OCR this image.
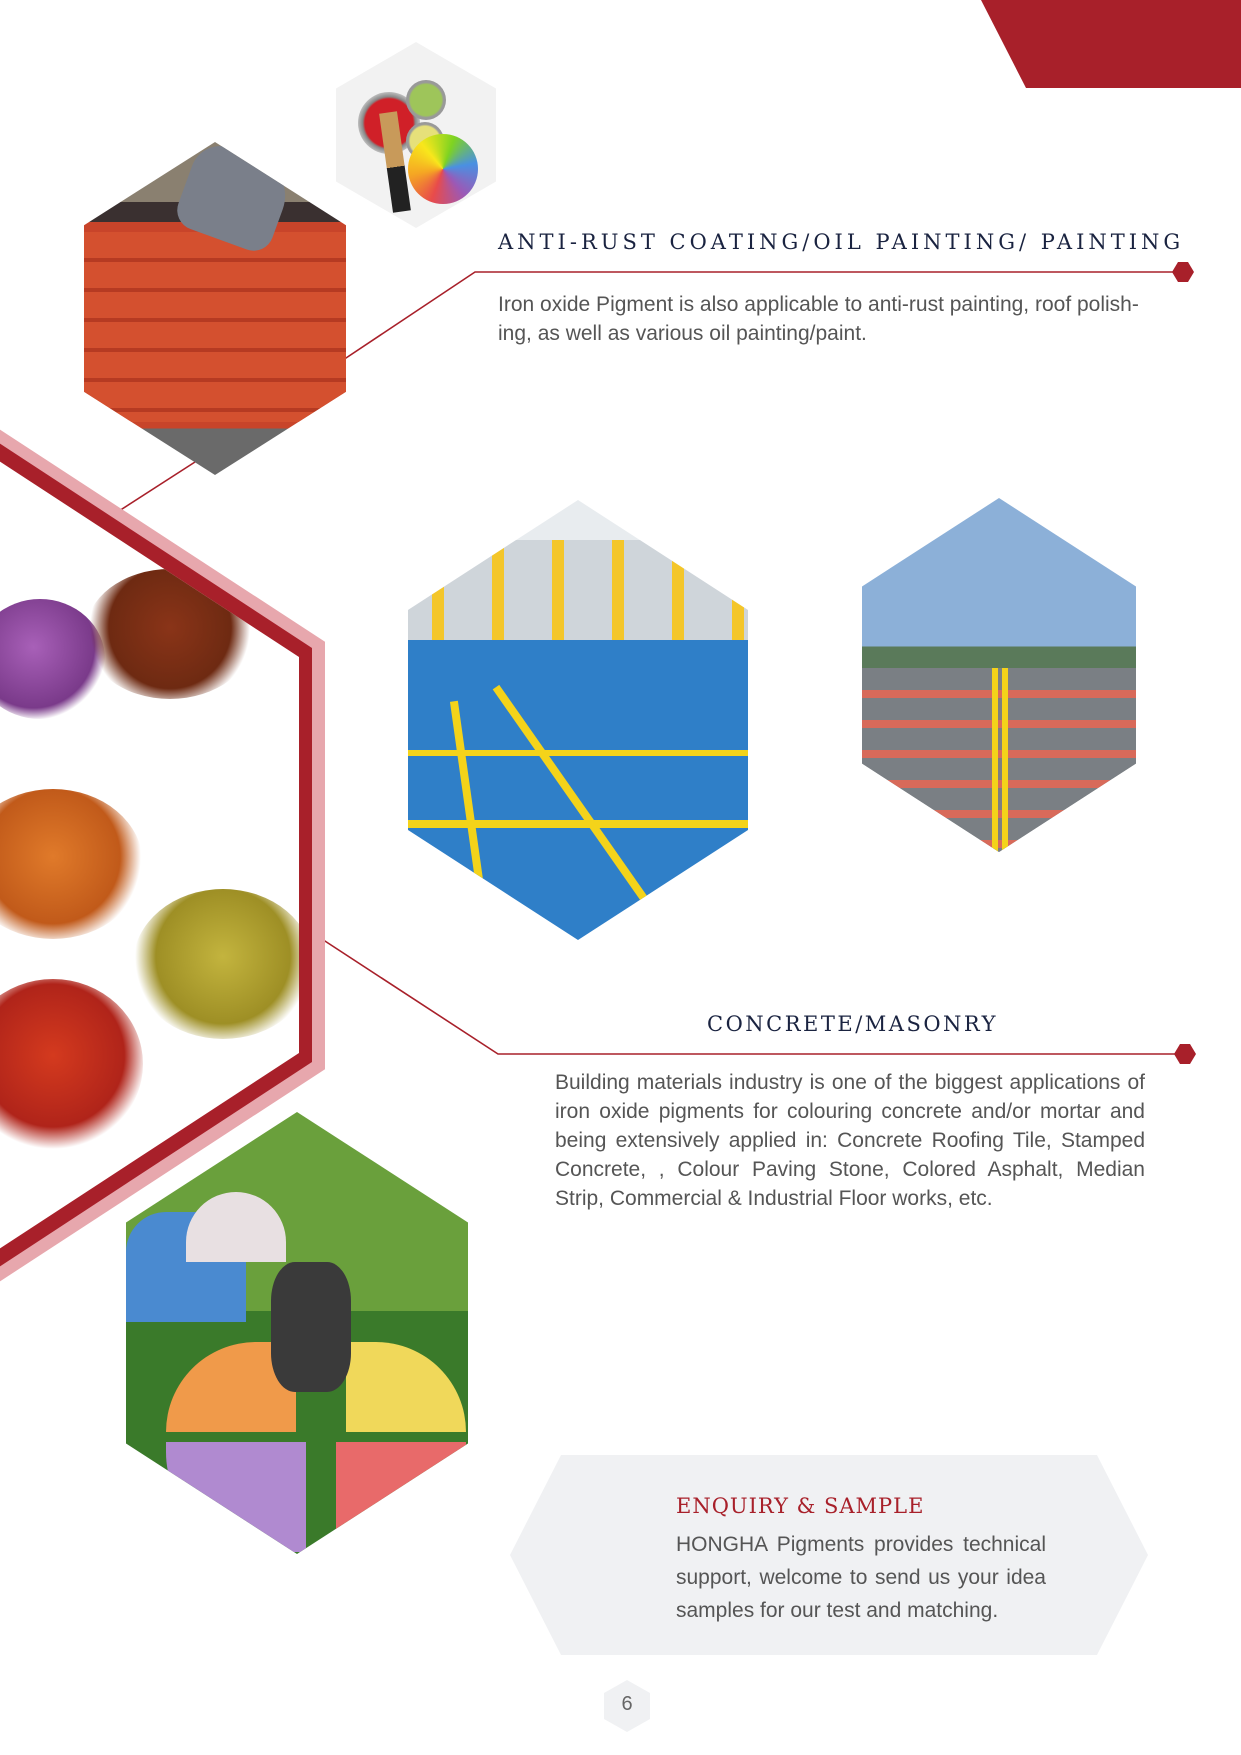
ANTI-RUST COATING/OIL PAINTING/ PAINTING
Iron oxide Pigment is also applicable to anti-rust painting, roof polish-ing, as well as various oil painting/paint.
CONCRETE/MASONRY
Building materials industry is one of the biggest applications of iron oxide pigments for colouring concrete and/or mortar and being extensively applied in: Concrete Roofing Tile, Stamped Concrete, , Colour Paving Stone, Colored Asphalt, Median Strip, Commercial & Industrial Floor works, etc.
ENQUIRY & SAMPLE
HONGHA Pigments provides technical support, welcome to send us your idea samples for our test and matching.
6
